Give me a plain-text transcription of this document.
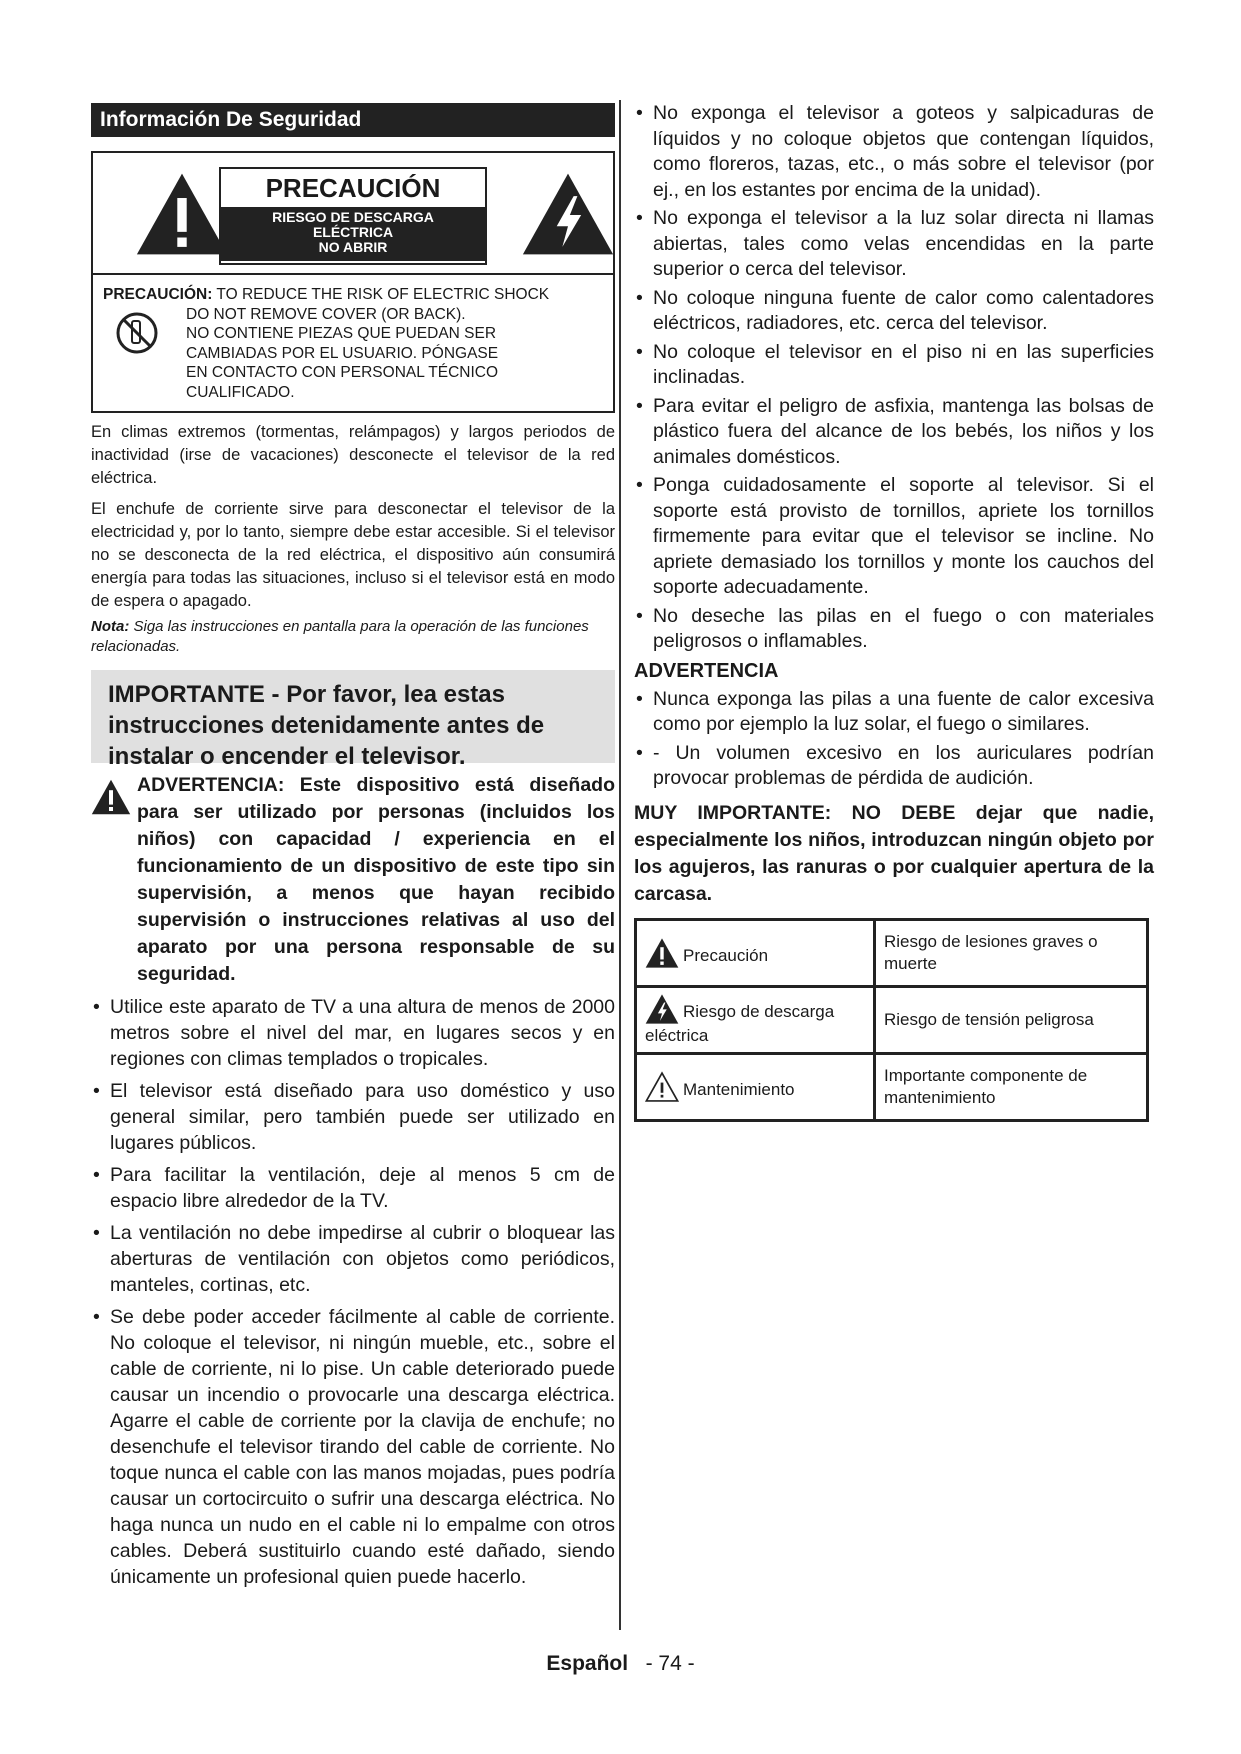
Información De Seguridad
PRECAUCIÓN
RIESGO DE DESCARGA
ELÉCTRICA
NO ABRIR
PRECAUCIÓN: TO REDUCE THE RISK OF ELECTRIC SHOCK
DO NOT REMOVE COVER (OR BACK).
NO CONTIENE PIEZAS QUE PUEDAN SER
CAMBIADAS POR EL USUARIO. PÓNGASE
EN CONTACTO CON PERSONAL TÉCNICO
CUALIFICADO.

En climas extremos (tormentas, relámpagos) y largos periodos de inactividad (irse de vacaciones) desconecte el televisor de la red eléctrica.

El enchufe de corriente sirve para desconectar el televisor de la electricidad y, por lo tanto, siempre debe estar accesible. Si el televisor no se desconecta de la red eléctrica, el dispositivo aún consumirá energía para todas las situaciones, incluso si el televisor está en modo de espera o apagado.

Nota: Siga las instrucciones en pantalla para la operación de las funciones relacionadas.

IMPORTANTE - Por favor, lea estas instrucciones detenidamente antes de instalar o encender el televisor.
ADVERTENCIA: Este dispositivo está diseñado para ser utilizado por personas (incluidos los niños) con capacidad / experiencia en el funcionamiento de un dispositivo de este tipo sin supervisión, a menos que hayan recibido supervisión o instrucciones relativas al uso del aparato por una persona responsable de su seguridad.
• Utilice este aparato de TV a una altura de menos de 2000 metros sobre el nivel del mar, en lugares secos y en regiones con climas templados o tropicales.
• El televisor está diseñado para uso doméstico y uso general similar, pero también puede ser utilizado en lugares públicos.
• Para facilitar la ventilación, deje al menos 5 cm de espacio libre alrededor de la TV.
• La ventilación no debe impedirse al cubrir o bloquear las aberturas de ventilación con objetos como periódicos, manteles, cortinas, etc.
• Se debe poder acceder fácilmente al cable de corriente. No coloque el televisor, ni ningún mueble, etc., sobre el cable de corriente, ni lo pise. Un cable deteriorado puede causar un incendio o provocarle una descarga eléctrica. Agarre el cable de corriente por la clavija de enchufe; no desenchufe el televisor tirando del cable de corriente. No toque nunca el cable con las manos mojadas, pues podría causar un cortocircuito o sufrir una descarga eléctrica. No haga nunca un nudo en el cable ni lo empalme con otros cables. Deberá sustituirlo cuando esté dañado, siendo únicamente un profesional quien puede hacerlo.
• No exponga el televisor a goteos y salpicaduras de líquidos y no coloque objetos que contengan líquidos, como floreros, tazas, etc., o más sobre el televisor (por ej., en los estantes por encima de la unidad).
• No exponga el televisor a la luz solar directa ni llamas abiertas, tales como velas encendidas en la parte superior o cerca del televisor.
• No coloque ninguna fuente de calor como calentadores eléctricos, radiadores, etc. cerca del televisor.
• No coloque el televisor en el piso ni en las superficies inclinadas.
• Para evitar el peligro de asfixia, mantenga las bolsas de plástico fuera del alcance de los bebés, los niños y los animales domésticos.
• Ponga cuidadosamente el soporte al televisor. Si el soporte está provisto de tornillos, apriete los tornillos firmemente para evitar que el televisor se incline. No apriete demasiado los tornillos y monte los cauchos del soporte adecuadamente.
• No deseche las pilas en el fuego o con materiales peligrosos o inflamables.
ADVERTENCIA
• Nunca exponga las pilas a una fuente de calor excesiva como por ejemplo la luz solar, el fuego o similares.
• - Un volumen excesivo en los auriculares podrían provocar problemas de pérdida de audición.

MUY IMPORTANTE: NO DEBE dejar que nadie, especialmente los niños, introduzcan ningún objeto por los agujeros, las ranuras o por cualquier apertura de la carcasa.

Precaución	Riesgo de lesiones graves o muerte
Riesgo de descarga eléctrica	Riesgo de tensión peligrosa
Mantenimiento	Importante componente de mantenimiento
Español - 74 -
